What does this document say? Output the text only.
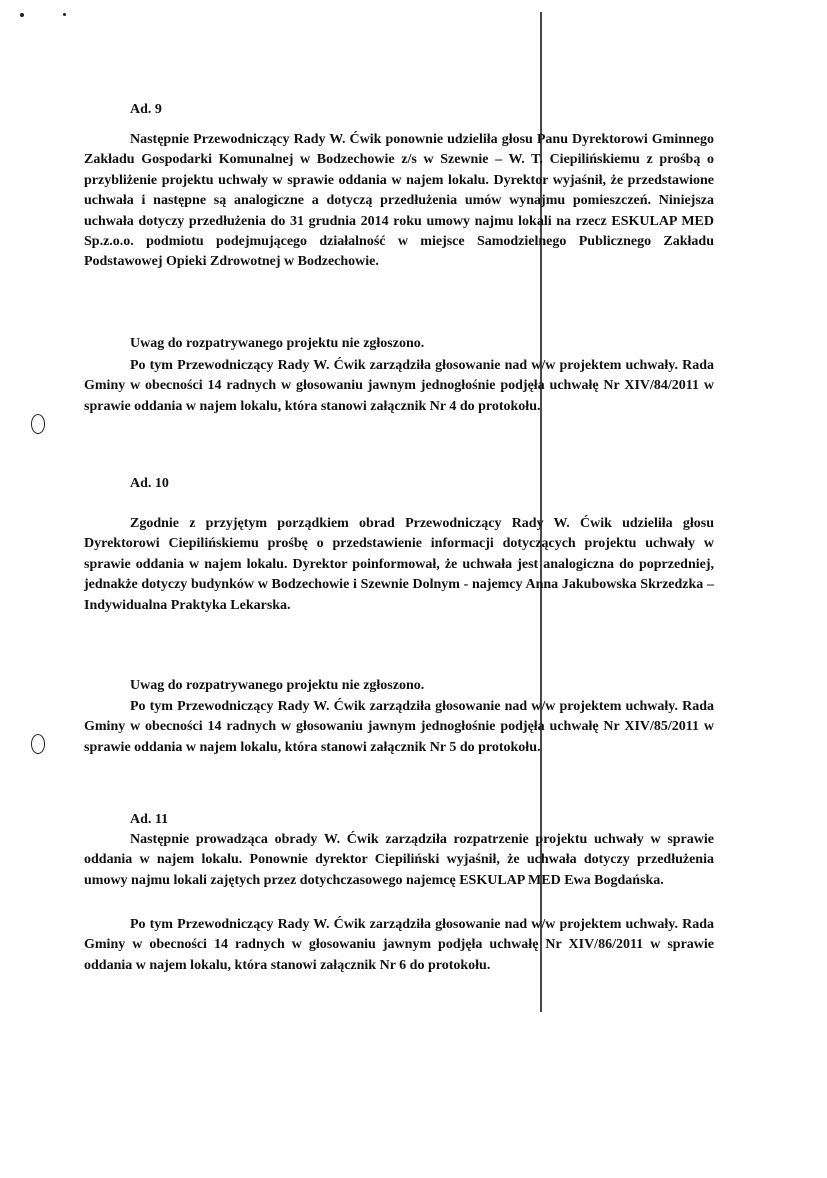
Ad. 9
Następnie Przewodniczący Rady W. Ćwik ponownie udzieliła głosu Panu Dyrektorowi Gminnego Zakładu Gospodarki Komunalnej w Bodzechowie z/s w Szewnie – W. T. Ciepilińskiemu z prośbą o przybliżenie projektu uchwały w sprawie oddania w najem lokalu. Dyrektor wyjaśnił, że przedstawione uchwała i następne są analogiczne a dotyczą przedłużenia umów wynajmu pomieszczeń. Niniejsza uchwała dotyczy przedłużenia do 31 grudnia 2014 roku umowy najmu lokali na rzecz ESKULAP MED Sp.z.o.o. podmiotu podejmującego działalność w miejsce Samodzielnego Publicznego Zakładu Podstawowej Opieki Zdrowotnej w Bodzechowie.
Uwag do rozpatrywanego projektu nie zgłoszono.
Po tym Przewodniczący Rady W. Ćwik zarządziła głosowanie nad w/w projektem uchwały. Rada Gminy w obecności 14 radnych w głosowaniu jawnym jednogłośnie podjęła uchwałę Nr XIV/84/2011 w sprawie oddania w najem lokalu, która stanowi załącznik Nr 4 do protokołu.
Ad. 10
Zgodnie z przyjętym porządkiem obrad Przewodniczący Rady W. Ćwik udzieliła głosu Dyrektorowi Ciepilińskiemu prośbę o przedstawienie informacji dotyczących projektu uchwały w sprawie oddania w najem lokalu. Dyrektor poinformował, że uchwała jest analogiczna do poprzedniej, jednakże dotyczy budynków w Bodzechowie i Szewnie Dolnym - najemcy Anna Jakubowska Skrzedzka – Indywidualna Praktyka Lekarska.
Uwag do rozpatrywanego projektu nie zgłoszono.
Po tym Przewodniczący Rady W. Ćwik zarządziła głosowanie nad w/w projektem uchwały. Rada Gminy w obecności 14 radnych w głosowaniu jawnym jednogłośnie podjęła uchwałę Nr XIV/85/2011 w sprawie oddania w najem lokalu, która stanowi załącznik Nr 5 do protokołu.
Ad. 11
Następnie prowadząca obrady W. Ćwik zarządziła rozpatrzenie projektu uchwały w sprawie oddania w najem lokalu. Ponownie dyrektor Ciepiliński wyjaśnił, że uchwała dotyczy przedłużenia umowy najmu lokali zajętych przez dotychczasowego najemcę ESKULAP MED Ewa Bogdańska.
Po tym Przewodniczący Rady W. Ćwik zarządziła głosowanie nad w/w projektem uchwały. Rada Gminy w obecności 14 radnych w głosowaniu jawnym podjęła uchwałę Nr XIV/86/2011 w sprawie oddania w najem lokalu, która stanowi załącznik Nr 6 do protokołu.
